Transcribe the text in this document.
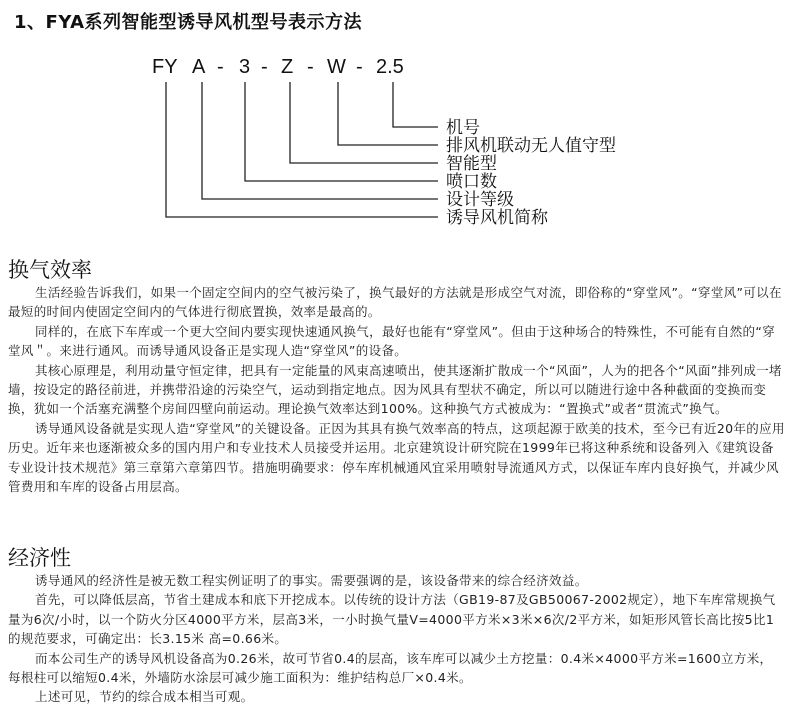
1、FYA系列智能型诱导风机型号表示方法
FY A - 3 - Z - W - 2.5
机号
排风机联动无人值守型
智能型
喷口数
设计等级
诱导风机简称
换气效率

生活经验告诉我们，如果一个固定空间内的空气被污染了，换气最好的方法就是形成空气对流，即俗称的“穿堂风”。“穿堂风”可以在最短的时间内使固定空间内的气体进行彻底置换，效率是最高的。

同样的，在底下车库或一个更大空间内要实现快速通风换气，最好也能有“穿堂风”。但由于这种场合的特殊性，不可能有自然的“穿堂风＂。来进行通风。而诱导通风设备正是实现人造“穿堂风”的设备。

其核心原理是，利用动量守恒定律，把具有一定能量的风束高速喷出，使其逐渐扩散成一个“风面”，人为的把各个“风面”排列成一堵墙，按设定的路径前进，并携带沿途的污染空气，运动到指定地点。因为风具有型状不确定，所以可以随进行途中各种截面的变换而变换，犹如一个活塞充满整个房间四壁向前运动。理论换气效率达到100%。这种换气方式被成为：“置换式”或者“贯流式”换气。

诱导通风设备就是实现人造“穿堂风”的关键设备。正因为其具有换气效率高的特点，这项起源于欧美的技术，至今已有近20年的应用历史。近年来也逐渐被众多的国内用户和专业技术人员接受并运用。北京建筑设计研究院在1999年已将这种系统和设备列入《建筑设备专业设计技术规范》第三章第六章第四节。措施明确要求：停车库机械通风宜采用喷射导流通风方式，以保证车库内良好换气，并减少风管费用和车库的设备占用层高。

经济性

诱导通风的经济性是被无数工程实例证明了的事实。需要强调的是，该设备带来的综合经济效益。

首先，可以降低层高，节省土建成本和底下开挖成本。以传统的设计方法（GB19-87及GB50067-2002规定），地下车库常规换气量为6次/小时，以一个防火分区4000平方米，层高3米，一小时换气量V=4000平方米×3米×6次/2平方米，如矩形风管长高比按5比1的规范要求，可确定出：长3.15米 高=0.66米。

而本公司生产的诱导风机设备高为0.26米，故可节省0.4的层高，该车库可以减少土方挖量：0.4米×4000平方米=1600立方米，每根柱可以缩短0.4米，外墙防水涂层可减少施工面积为：维护结构总厂×0.4米。

上述可见，节约的综合成本相当可观。
